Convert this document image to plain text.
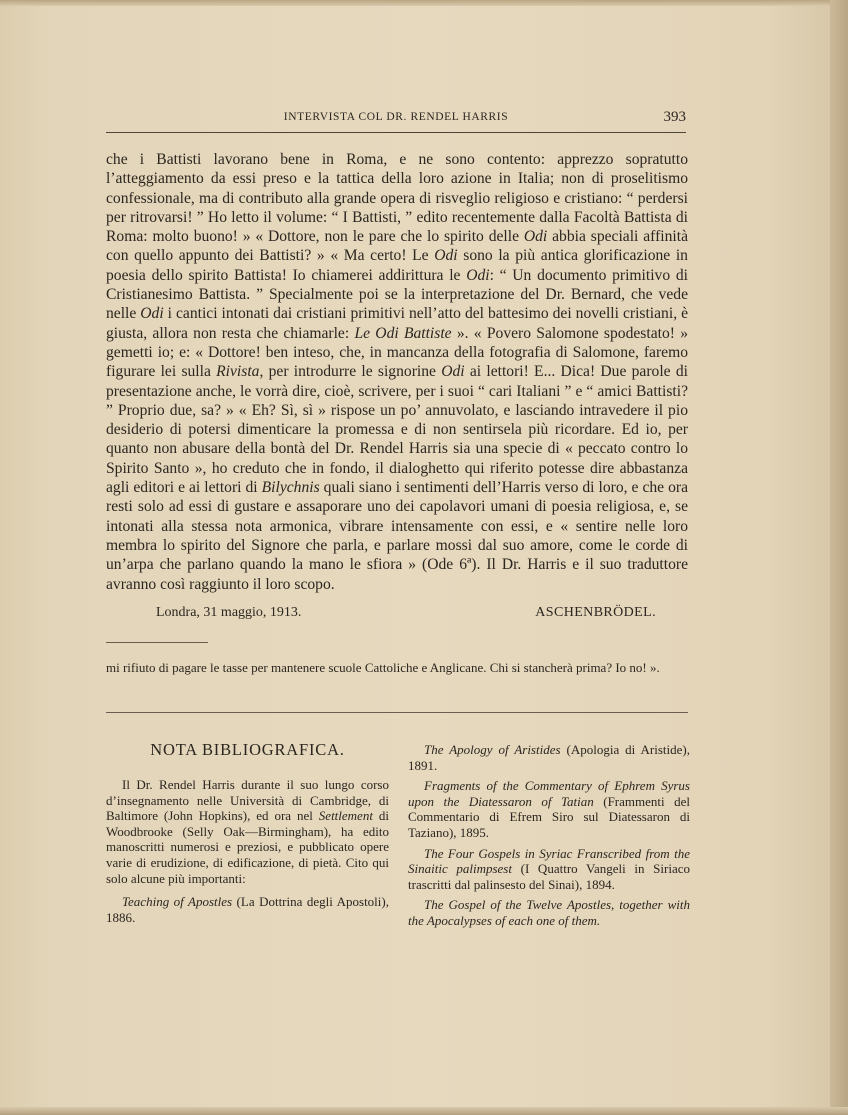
INTERVISTA COL DR. RENDEL HARRIS	393

che i Battisti lavorano bene in Roma, e ne sono contento: apprezzo sopratutto l’atteggiamento da essi preso e la tattica della loro azione in Italia; non di proselitismo confessionale, ma di contributo alla grande opera di risveglio religioso e cristiano: “ perdersi per ritrovarsi! ” Ho letto il volume: “ I Battisti, ” edito recentemente dalla Facoltà Battista di Roma: molto buono! » « Dottore, non le pare che lo spirito delle Odi abbia speciali affinità con quello appunto dei Battisti? » « Ma certo! Le Odi sono la più antica glorificazione in poesia dello spirito Battista! Io chiamerei addirittura le Odi: “ Un documento primitivo di Cristianesimo Battista. ” Specialmente poi se la interpretazione del Dr. Bernard, che vede nelle Odi i cantici intonati dai cristiani primitivi nell’atto del battesimo dei novelli cristiani, è giusta, allora non resta che chiamarle: Le Odi Battiste ». « Povero Salomone spodestato! » gemetti io; e: « Dottore! ben inteso, che, in mancanza della fotografia di Salomone, faremo figurare lei sulla Rivista, per introdurre le signorine Odi ai lettori! E... Dica! Due parole di presentazione anche, le vorrà dire, cioè, scrivere, per i suoi “ cari Italiani ” e “ amici Battisti? ” Proprio due, sa? » « Eh? Sì, sì » rispose un po’ annuvolato, e lasciando intravedere il pio desiderio di potersi dimenticare la promessa e di non sentirsela più ricordare. Ed io, per quanto non abusare della bontà del Dr. Rendel Harris sia una specie di « peccato contro lo Spirito Santo », ho creduto che in fondo, il dialoghetto qui riferito potesse dire abbastanza agli editori e ai lettori di Bilychnis quali siano i sentimenti dell’Harris verso di loro, e che ora resti solo ad essi di gustare e assaporare uno dei capolavori umani di poesia religiosa, e, se intonati alla stessa nota armonica, vibrare intensamente con essi, e « sentire nelle loro membra lo spirito del Signore che parla, e parlare mossi dal suo amore, come le corde di un’arpa che parlano quando la mano le sfiora » (Ode 6ª). Il Dr. Harris e il suo traduttore avranno così raggiunto il loro scopo.

Londra, 31 maggio, 1913.	ASCHENBRÖDEL.

mi rifiuto di pagare le tasse per mantenere scuole Cattoliche e Anglicane. Chi si stancherà prima? Io no! ».

NOTA BIBLIOGRAFICA.

Il Dr. Rendel Harris durante il suo lungo corso d’insegnamento nelle Università di Cambridge, di Baltimore (John Hopkins), ed ora nel Settlement di Woodbrooke (Selly Oak—Birmingham), ha edito manoscritti numerosi e preziosi, e pubblicato opere varie di erudizione, di edificazione, di pietà. Cito qui solo alcune più importanti:

Teaching of Apostles (La Dottrina degli Apostoli), 1886.

The Apology of Aristides (Apologia di Aristide), 1891.

Fragments of the Commentary of Ephrem Syrus upon the Diatessaron of Tatian (Frammenti del Commentario di Efrem Siro sul Diatessaron di Taziano), 1895.

The Four Gospels in Syriac Franscribed from the Sinaitic palimpsest (I Quattro Vangeli in Siriaco trascritti dal palinsesto del Sinai), 1894.

The Gospel of the Twelve Apostles, together with the Apocalypses of each one of them.
